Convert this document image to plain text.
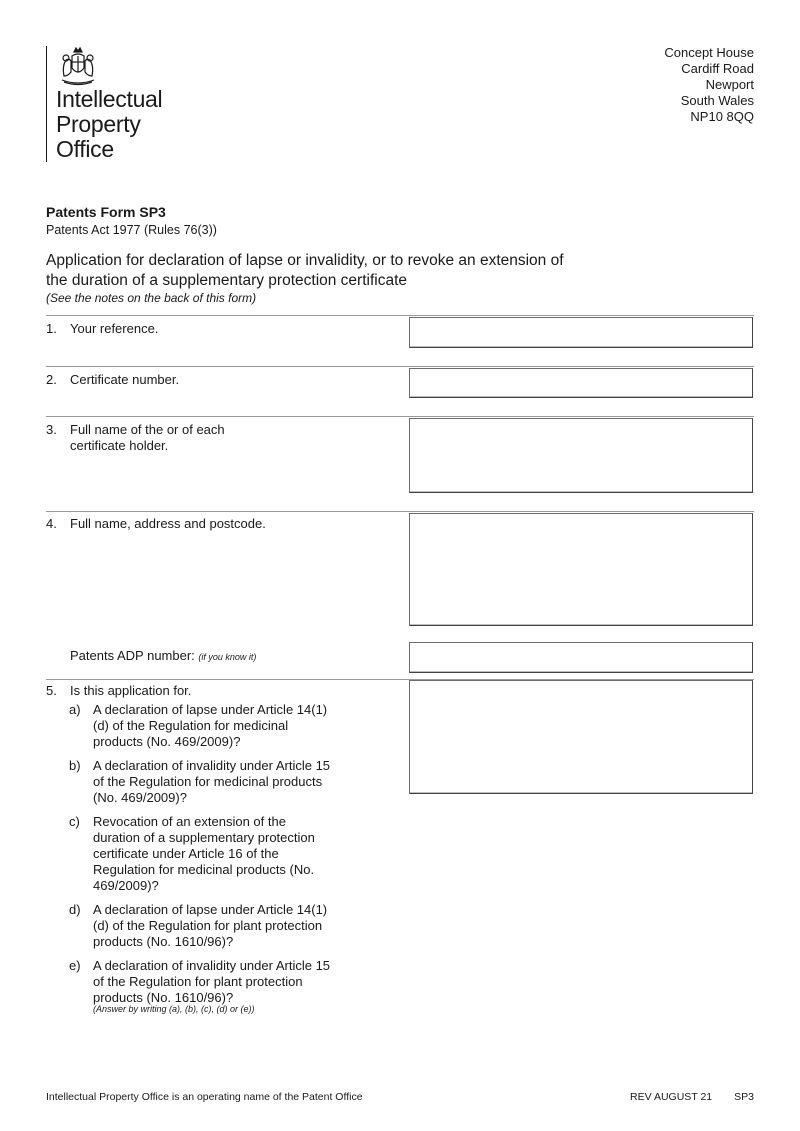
Intellectual
Property
Office
Concept House
Cardiff Road
Newport
South Wales
NP10 8QQ
Patents Form SP3
Patents Act 1977 (Rules 76(3))
Application for declaration of lapse or invalidity, or to revoke an extension of the duration of a supplementary protection certificate
(See the notes on the back of this form)
1. Your reference.
2. Certificate number.
3. Full name of the or of each
certificate holder.
4. Full name, address and postcode.
Patents ADP number: (if you know it)
5. Is this application for.
a) A declaration of lapse under Article 14(1)(d) of the Regulation for medicinal products (No. 469/2009)?
b) A declaration of invalidity under Article 15 of the Regulation for medicinal products (No. 469/2009)?
c) Revocation of an extension of the duration of a supplementary protection certificate under Article 16 of the Regulation for medicinal products (No. 469/2009)?
d) A declaration of lapse under Article 14(1)(d) of the Regulation for plant protection products (No. 1610/96)?
e) A declaration of invalidity under Article 15 of the Regulation for plant protection products (No. 1610/96)?
(Answer by writing (a), (b), (c), (d) or (e))
Intellectual Property Office is an operating name of the Patent Office	REV AUGUST 21 SP3
